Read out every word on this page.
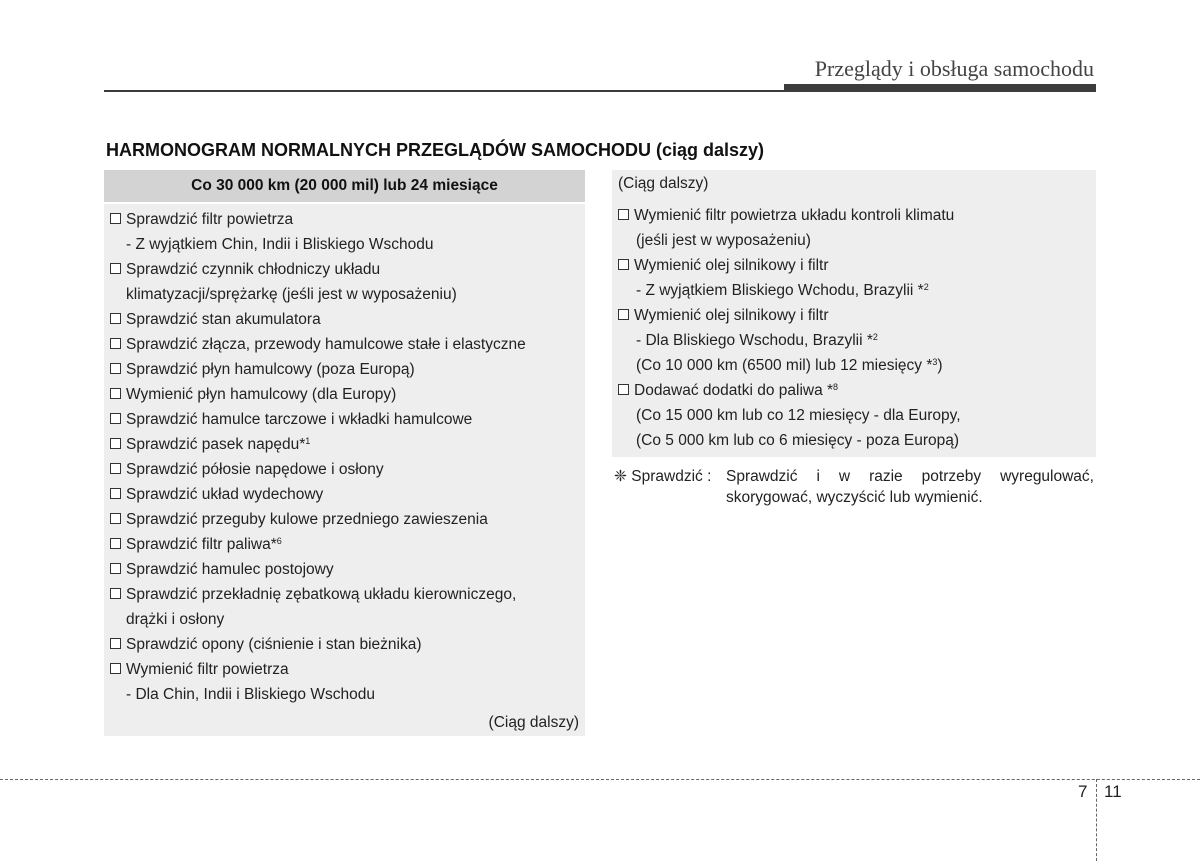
Przeglądy i obsługa samochodu
HARMONOGRAM NORMALNYCH PRZEGLĄDÓW SAMOCHODU (ciąg dalszy)
Co 30 000 km (20 000 mil) lub 24 miesiące
Sprawdzić filtr powietrza
- Z wyjątkiem Chin, Indii i Bliskiego Wschodu
Sprawdzić czynnik chłodniczy układu
klimatyzacji/sprężarkę (jeśli jest w wyposażeniu)
Sprawdzić stan akumulatora
Sprawdzić złącza, przewody hamulcowe stałe i elastyczne
Sprawdzić płyn hamulcowy (poza Europą)
Wymienić płyn hamulcowy (dla Europy)
Sprawdzić hamulce tarczowe i wkładki hamulcowe
Sprawdzić pasek napędu*$^1$
Sprawdzić półosie napędowe i osłony
Sprawdzić układ wydechowy
Sprawdzić przeguby kulowe przedniego zawieszenia
Sprawdzić filtr paliwa*$^6$
Sprawdzić hamulec postojowy
Sprawdzić przekładnię zębatkową układu kierowniczego,
drążki i osłony
Sprawdzić opony (ciśnienie i stan bieżnika)
Wymienić filtr powietrza
- Dla Chin, Indii i Bliskiego Wschodu
(Ciąg dalszy)
(Ciąg dalszy)
Wymienić filtr powietrza układu kontroli klimatu
(jeśli jest w wyposażeniu)
Wymienić olej silnikowy i filtr
- Z wyjątkiem Bliskiego Wchodu, Brazylii *$^2$
Wymienić olej silnikowy i filtr
- Dla Bliskiego Wschodu, Brazylii *$^2$
(Co 10 000 km (6500 mil) lub 12 miesięcy *$^3$)
Dodawać dodatki do paliwa *$^8$
(Co 15 000 km lub co 12 miesięcy - dla Europy,
(Co 5 000 km lub co 6 miesięcy - poza Europą)
❈ Sprawdzić : Sprawdzić i w razie potrzeby wyregulować,
skorygować, wyczyścić lub wymienić.
7 11
